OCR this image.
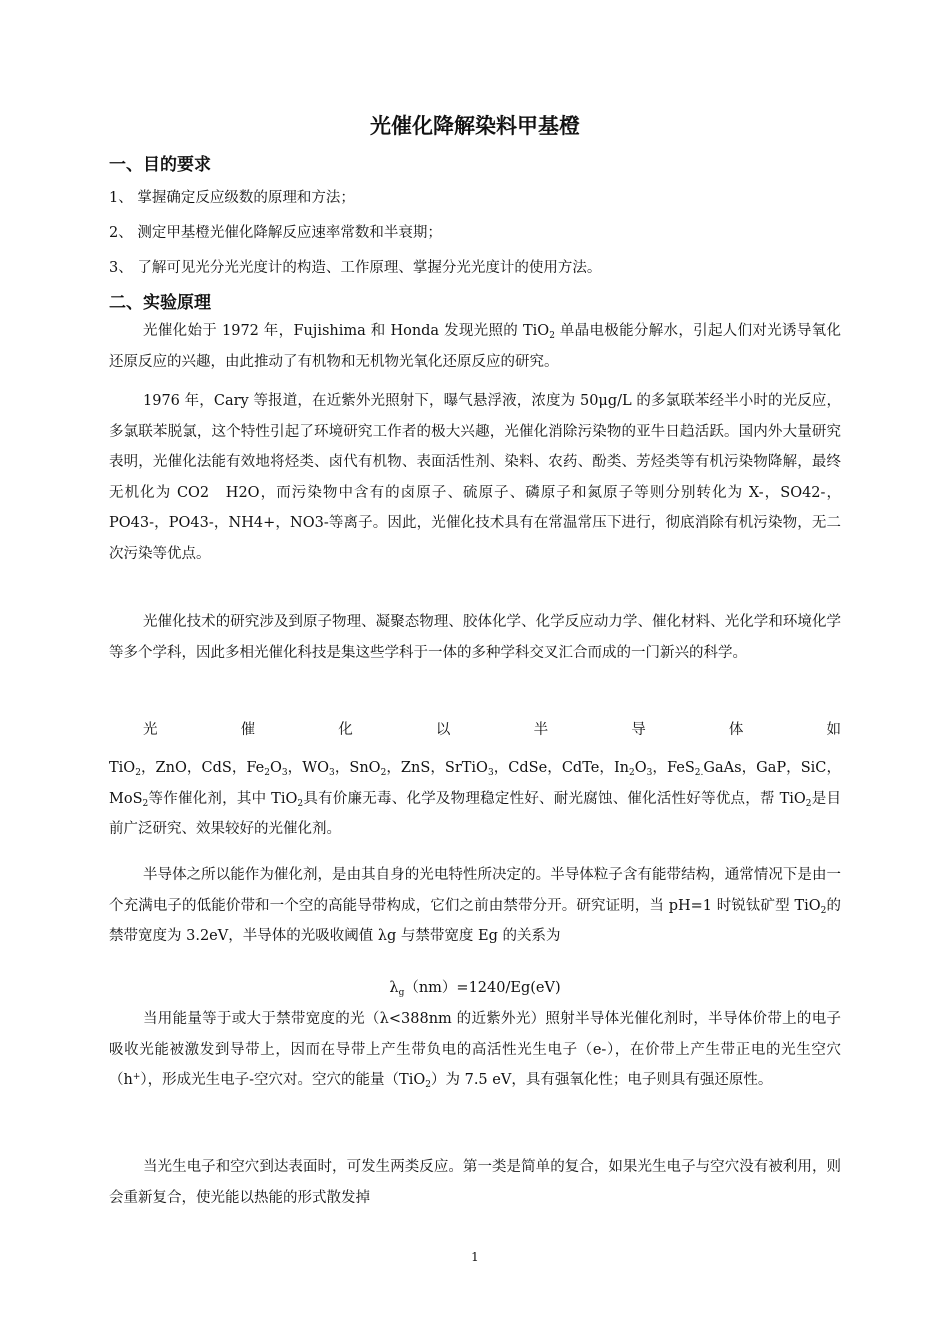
光催化降解染料甲基橙
一、目的要求
1、 掌握确定反应级数的原理和方法；
2、 测定甲基橙光催化降解反应速率常数和半衰期；
3、 了解可见光分光光度计的构造、工作原理、掌握分光光度计的使用方法。
二、实验原理
光催化始于 1972 年，Fujishima 和 Honda 发现光照的 TiO$_2$ 单晶电极能分解水，引起人们对光诱导氧化还原反应的兴趣，由此推动了有机物和无机物光氧化还原反应的研究。
1976 年，Cary 等报道，在近紫外光照射下，曝气悬浮液，浓度为 50μg/L 的多氯联苯经半小时的光反应，多氯联苯脱氯，这个特性引起了环境研究工作者的极大兴趣，光催化消除污染物的亚牛日趋活跃。国内外大量研究表明，光催化法能有效地将烃类、卤代有机物、表面活性剂、染料、农药、酚类、芳烃类等有机污染物降解，最终无机化为 CO2　H2O，而污染物中含有的卤原子、硫原子、磷原子和氮原子等则分别转化为 X-，SO42-，PO43-，PO43-，NH4+，NO3-等离子。因此，光催化技术具有在常温常压下进行，彻底消除有机污染物，无二次污染等优点。
光催化技术的研究涉及到原子物理、凝聚态物理、胶体化学、化学反应动力学、催化材料、光化学和环境化学等多个学科，因此多相光催化科技是集这些学科于一体的多种学科交叉汇合而成的一门新兴的科学。
光	催	化	以	半	导	体	如
TiO$_2$，ZnO，CdS，$Fe_2O_3$，$WO_3$，SnO$_2$，ZnS，SrTiO$_3$，CdSe，CdTe，$In_2O_3$，FeS$_{2.}$GaAs，GaP，SiC，MoS$_2$等作催化剂，其中 TiO$_2$具有价廉无毒、化学及物理稳定性好、耐光腐蚀、催化活性好等优点，帮 TiO$_2$是目前广泛研究、效果较好的光催化剂。
半导体之所以能作为催化剂，是由其自身的光电特性所决定的。半导体粒子含有能带结构，通常情况下是由一个充满电子的低能价带和一个空的高能导带构成，它们之前由禁带分开。研究证明，当 pH=1 时锐钛矿型 TiO$_2$的禁带宽度为 3.2eV，半导体的光吸收阈值 λg 与禁带宽度 Eg 的关系为
$\lambda_g(nm)=1240/Eg(eV)$
当用能量等于或大于禁带宽度的光（λ<388nm 的近紫外光）照射半导体光催化剂时，半导体价带上的电子吸收光能被激发到导带上，因而在导带上产生带负电的高活性光生电子（e-），在价带上产生带正电的光生空穴（h+），形成光生电子-空穴对。空穴的能量（TiO$_2$）为 7.5 eV，具有强氧化性；电子则具有强还原性。
当光生电子和空穴到达表面时，可发生两类反应。第一类是简单的复合，如果光生电子与空穴没有被利用，则会重新复合，使光能以热能的形式散发掉
1
